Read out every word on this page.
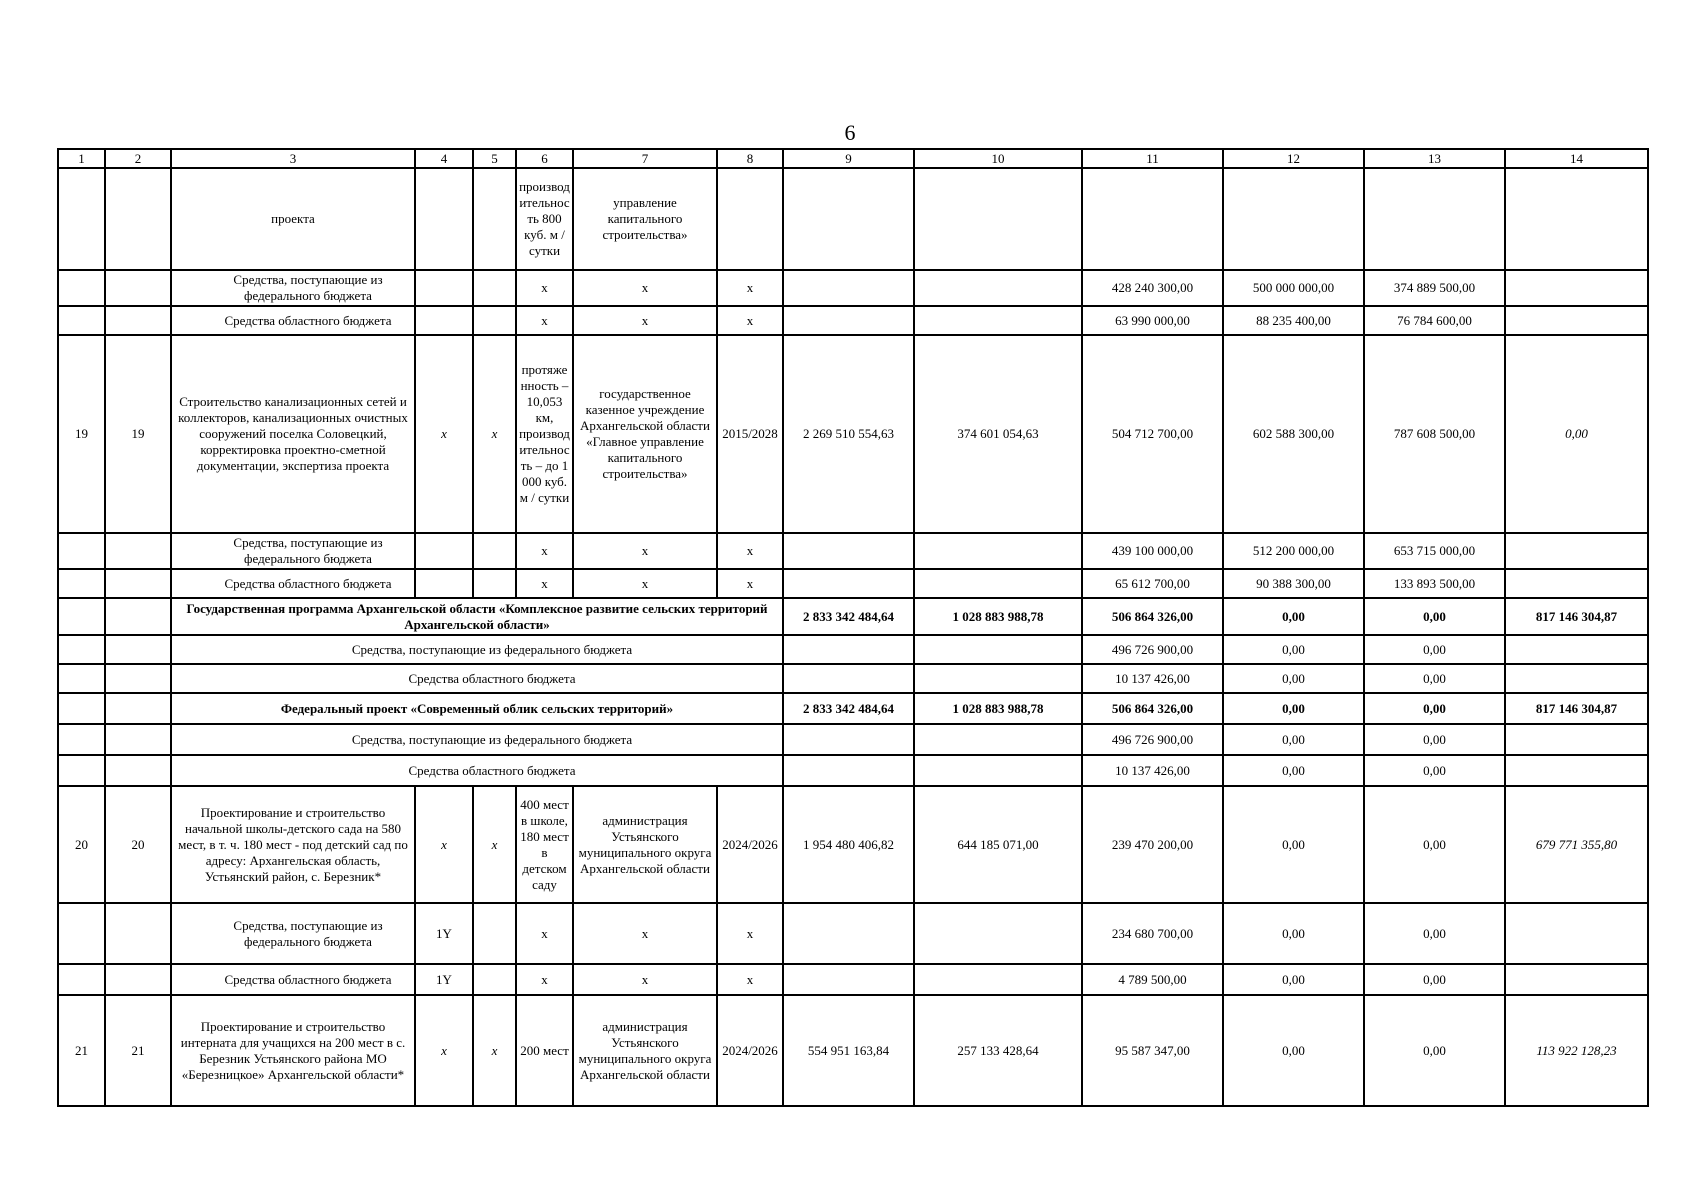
6
1	2	3	4	5	6	7	8	9	10	11	12	13	14
		проекта			производительность 800 куб. м / сутки	управление капитального строительства»							
		Средства, поступающие из федерального бюджета			x	x	x			428 240 300,00	500 000 000,00	374 889 500,00	
		Средства областного бюджета			x	x	x			63 990 000,00	88 235 400,00	76 784 600,00	
19	19	Строительство канализационных сетей и коллекторов, канализационных очистных сооружений поселка Соловецкий, корректировка проектно-сметной документации, экспертиза проекта	x	x	протяженность – 10,053 км, производительность – до 1 000 куб. м / сутки	государственное казенное учреждение Архангельской области «Главное управление капитального строительства»	2015/2028	2 269 510 554,63	374 601 054,63	504 712 700,00	602 588 300,00	787 608 500,00	0,00
		Средства, поступающие из федерального бюджета			x	x	x			439 100 000,00	512 200 000,00	653 715 000,00	
		Средства областного бюджета			x	x	x			65 612 700,00	90 388 300,00	133 893 500,00	
		Государственная программа Архангельской области «Комплексное развитие сельских территорий Архангельской области»						2 833 342 484,64	1 028 883 988,78	506 864 326,00	0,00	0,00	817 146 304,87
		Средства, поступающие из федерального бюджета								496 726 900,00	0,00	0,00	
		Средства областного бюджета								10 137 426,00	0,00	0,00	
		Федеральный проект «Современный облик сельских территорий»						2 833 342 484,64	1 028 883 988,78	506 864 326,00	0,00	0,00	817 146 304,87
		Средства, поступающие из федерального бюджета								496 726 900,00	0,00	0,00	
		Средства областного бюджета								10 137 426,00	0,00	0,00	
20	20	Проектирование и строительство начальной школы-детского сада на 580 мест, в т. ч. 180 мест - под детский сад по адресу: Архангельская область, Устьянский район, с. Березник*	x	x	400 мест в школе, 180 мест в детском саду	администрация Устьянского муниципального округа Архангельской области	2024/2026	1 954 480 406,82	644 185 071,00	239 470 200,00	0,00	0,00	679 771 355,80
		Средства, поступающие из федерального бюджета	1Y		x	x	x			234 680 700,00	0,00	0,00	
		Средства областного бюджета	1Y		x	x	x			4 789 500,00	0,00	0,00	
21	21	Проектирование и строительство интерната для учащихся на 200 мест в с. Березник Устьянского района МО «Березницкое» Архангельской области*	x	x	200 мест	администрация Устьянского муниципального округа Архангельской области	2024/2026	554 951 163,84	257 133 428,64	95 587 347,00	0,00	0,00	113 922 128,23
